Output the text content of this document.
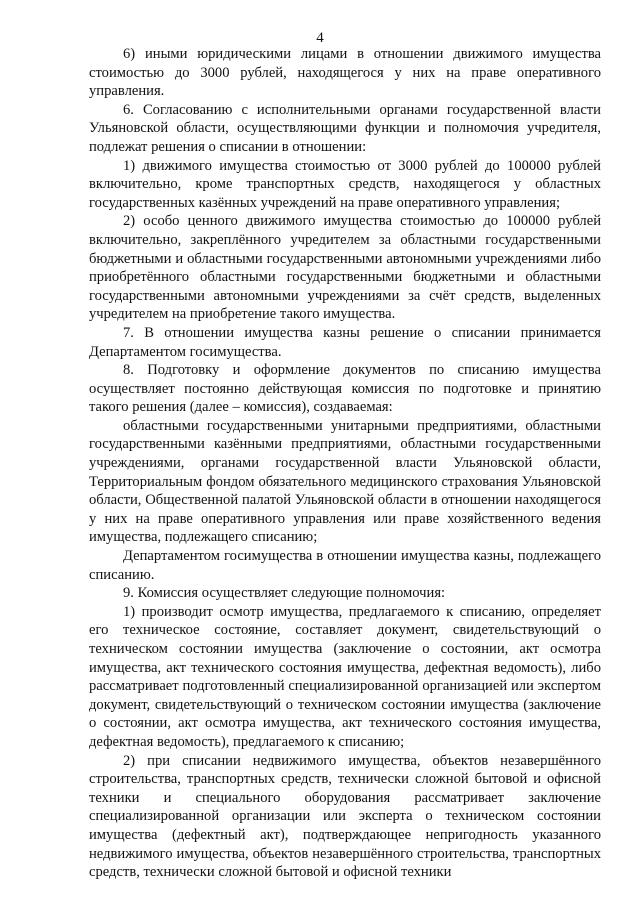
4

6) иными юридическими лицами в отношении движимого имущества стоимостью до 3000 рублей, находящегося у них на праве оперативного управления.

6. Согласованию с исполнительными органами государственной власти Ульяновской области, осуществляющими функции и полномочия учредителя, подлежат решения о списании в отношении:

1) движимого имущества стоимостью от 3000 рублей до 100000 рублей включительно, кроме транспортных средств, находящегося у областных государственных казённых учреждений на праве оперативного управления;

2) особо ценного движимого имущества стоимостью до 100000 рублей включительно, закреплённого учредителем за областными государственными бюджетными и областными государственными автономными учреждениями либо приобретённого областными государственными бюджетными и областными государственными автономными учреждениями за счёт средств, выделенных учредителем на приобретение такого имущества.

7. В отношении имущества казны решение о списании принимается Департаментом госимущества.

8. Подготовку и оформление документов по списанию имущества осуществляет постоянно действующая комиссия по подготовке и принятию такого решения (далее – комиссия), создаваемая:

областными государственными унитарными предприятиями, областными государственными казёнными предприятиями, областными государственными учреждениями, органами государственной власти Ульяновской области, Территориальным фондом обязательного медицинского страхования Ульяновской области, Общественной палатой Ульяновской области в отношении находящегося у них на праве оперативного управления или праве хозяйственного ведения имущества, подлежащего списанию;

Департаментом госимущества в отношении имущества казны, подлежащего списанию.

9. Комиссия осуществляет следующие полномочия:

1) производит осмотр имущества, предлагаемого к списанию, определяет его техническое состояние, составляет документ, свидетельствующий о техническом состоянии имущества (заключение о состоянии, акт осмотра имущества, акт технического состояния имущества, дефектная ведомость), либо рассматривает подготовленный специализированной организацией или экспертом документ, свидетельствующий о техническом состоянии имущества (заключение о состоянии, акт осмотра имущества, акт технического состояния имущества, дефектная ведомость), предлагаемого к списанию;

2) при списании недвижимого имущества, объектов незавершённого строительства, транспортных средств, технически сложной бытовой и офисной техники и специального оборудования рассматривает заключение специализированной организации или эксперта о техническом состоянии имущества (дефектный акт), подтверждающее непригодность указанного недвижимого имущества, объектов незавершённого строительства, транспортных средств, технически сложной бытовой и офисной техники
